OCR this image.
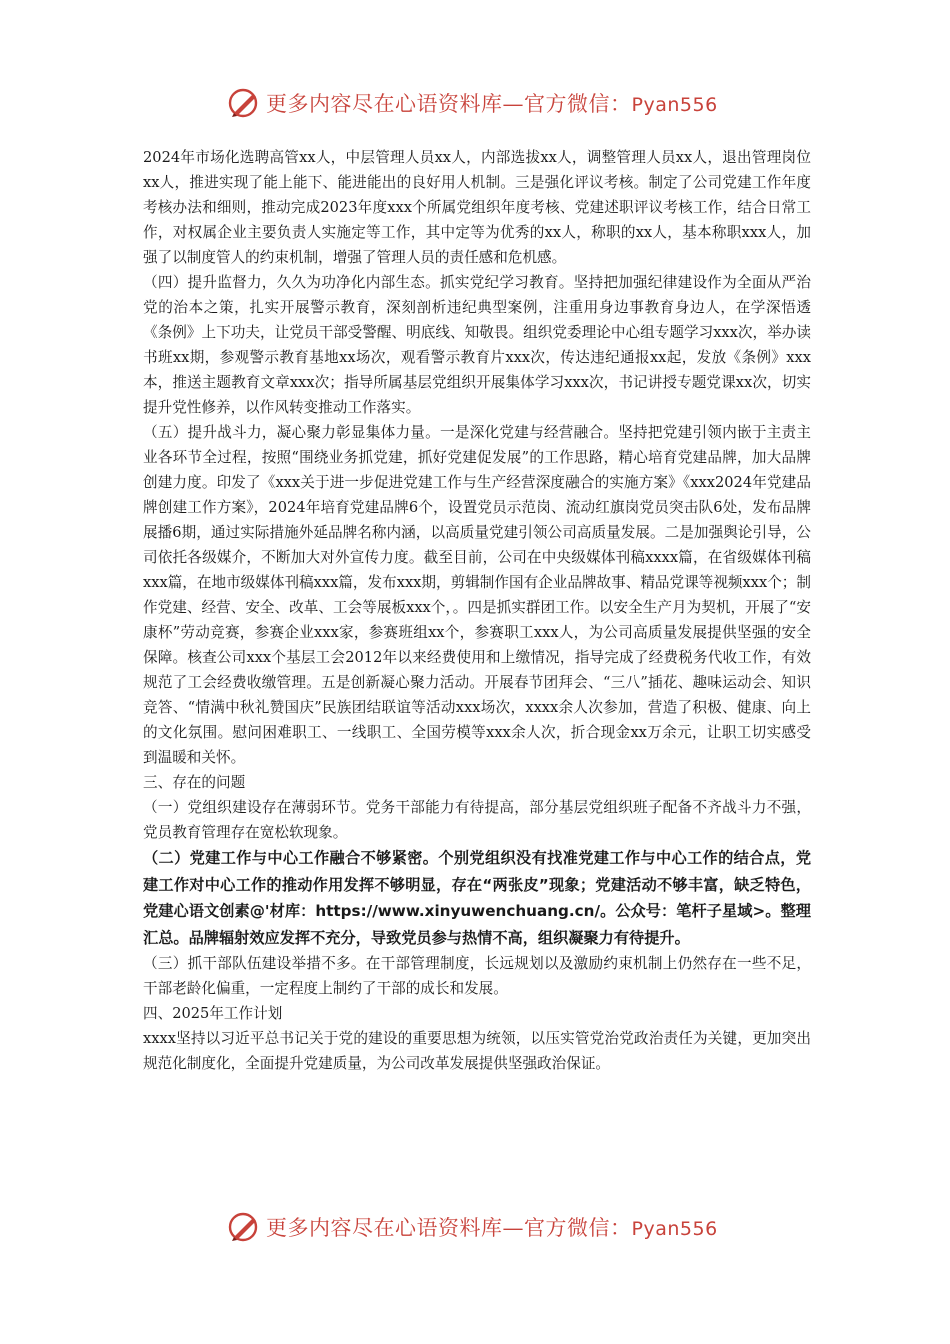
更多内容尽在心语资料库—官方微信：Pyan556

2024年市场化选聘高管xx人，中层管理人员xx人，内部选拔xx人，调整管理人员xx人，退出管理岗位xx人，推进实现了能上能下、能进能出的良好用人机制。三是强化评议考核。制定了公司党建工作年度考核办法和细则，推动完成2023年度xxx个所属党组织年度考核、党建述职评议考核工作，结合日常工作，对权属企业主要负责人实施定等工作，其中定等为优秀的xx人，称职的xx人，基本称职xxx人，加强了以制度管人的约束机制，增强了管理人员的责任感和危机感。

（四）提升监督力，久久为功净化内部生态。抓实党纪学习教育。坚持把加强纪律建设作为全面从严治党的治本之策，扎实开展警示教育，深刻剖析违纪典型案例，注重用身边事教育身边人，在学深悟透《条例》上下功夫，让党员干部受警醒、明底线、知敬畏。组织党委理论中心组专题学习xxx次，举办读书班xx期，参观警示教育基地xx场次，观看警示教育片xxx次，传达违纪通报xx起，发放《条例》xxx本，推送主题教育文章xxx次；指导所属基层党组织开展集体学习xxx次，书记讲授专题党课xx次，切实提升党性修养，以作风转变推动工作落实。

（五）提升战斗力，凝心聚力彰显集体力量。一是深化党建与经营融合。坚持把党建引领内嵌于主责主业各环节全过程，按照“围绕业务抓党建，抓好党建促发展”的工作思路，精心培育党建品牌，加大品牌创建力度。印发了《xxx关于进一步促进党建工作与生产经营深度融合的实施方案》《xxx2024年党建品牌创建工作方案》，2024年培育党建品牌6个，设置党员示范岗、流动红旗岗党员突击队6处，发布品牌展播6期，通过实际措施外延品牌名称内涵，以高质量党建引领公司高质量发展。二是加强舆论引导，公司依托各级媒介，不断加大对外宣传力度。截至目前，公司在中央级媒体刊稿xxxx篇，在省级媒体刊稿xxx篇，在地市级媒体刊稿xxx篇，发布xxx期，剪辑制作国有企业品牌故事、精品党课等视频xxx个；制作党建、经营、安全、改革、工会等展板xxx个，。四是抓实群团工作。以安全生产月为契机，开展了“安康杯”劳动竞赛，参赛企业xxx家，参赛班组xx个，参赛职工xxx人，为公司高质量发展提供坚强的安全保障。核查公司xxx个基层工会2012年以来经费使用和上缴情况，指导完成了经费税务代收工作，有效规范了工会经费收缴管理。五是创新凝心聚力活动。开展春节团拜会、“三八”插花、趣味运动会、知识竞答、“情满中秋礼赞国庆”民族团结联谊等活动xxx场次，xxxx余人次参加，营造了积极、健康、向上的文化氛围。慰问困难职工、一线职工、全国劳模等xxx余人次，折合现金xx万余元，让职工切实感受到温暖和关怀。

三、存在的问题

（一）党组织建设存在薄弱环节。党务干部能力有待提高，部分基层党组织班子配备不齐战斗力不强，党员教育管理存在宽松软现象。

（二）党建工作与中心工作融合不够紧密。个别党组织没有找准党建工作与中心工作的结合点，党建工作对中心工作的推动作用发挥不够明显，存在“两张皮”现象；党建活动不够丰富，缺乏特色，党建心语文创素@'材库：https://www.xinyuwenchuang.cn/。公众号：笔杆子星域>。整理汇总。品牌辐射效应发挥不充分，导致党员参与热情不高，组织凝聚力有待提升。

（三）抓干部队伍建设举措不多。在干部管理制度，长远规划以及激励约束机制上仍然存在一些不足，干部老龄化偏重，一定程度上制约了干部的成长和发展。

四、2025年工作计划

xxxx坚持以习近平总书记关于党的建设的重要思想为统领，以压实管党治党政治责任为关键，更加突出规范化制度化，全面提升党建质量，为公司改革发展提供坚强政治保证。

更多内容尽在心语资料库—官方微信：Pyan556
